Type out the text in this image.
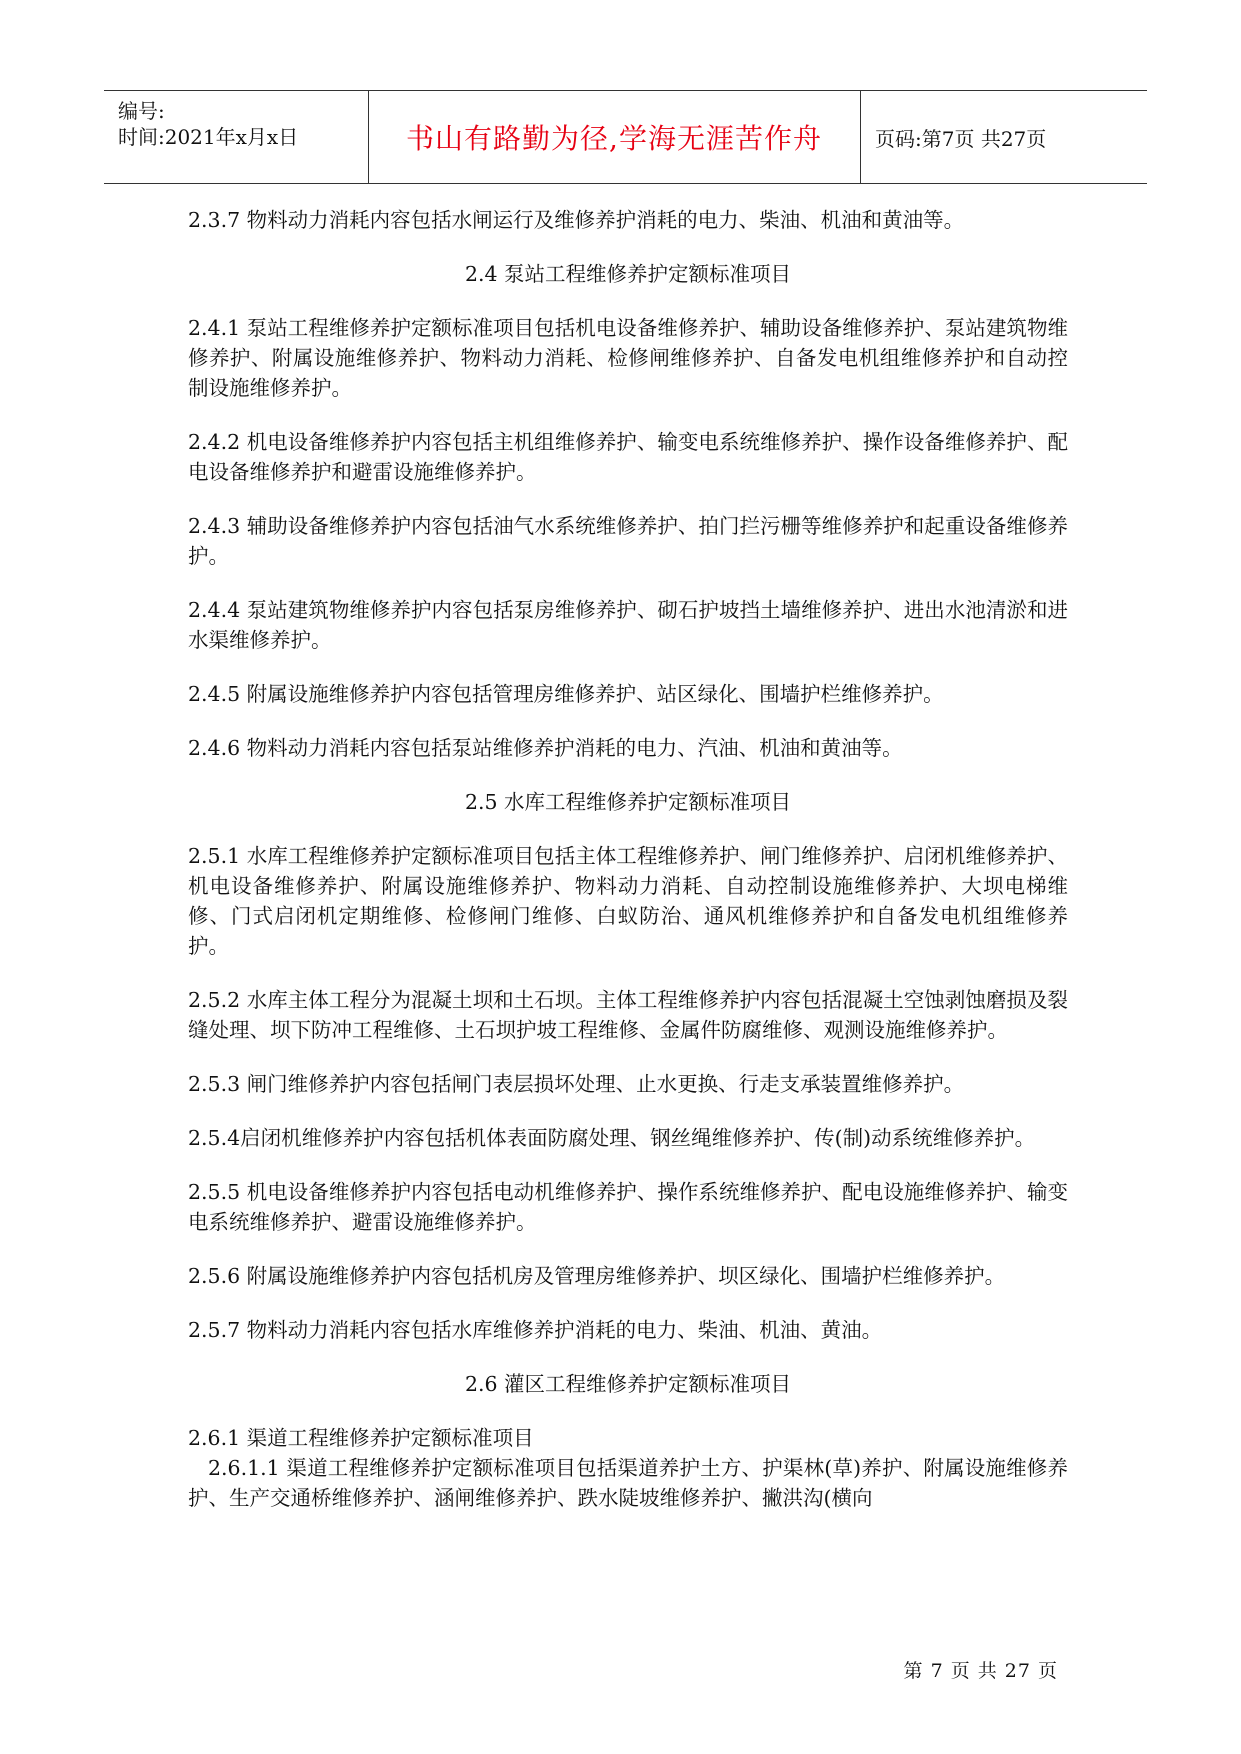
编号:
时间:2021年x月x日	书山有路勤为径,学海无涯苦作舟	页码:第7页 共27页

2.3.7 物料动力消耗内容包括水闸运行及维修养护消耗的电力、柴油、机油和黄油等。

2.4 泵站工程维修养护定额标准项目

2.4.1 泵站工程维修养护定额标准项目包括机电设备维修养护、辅助设备维修养护、泵站建筑物维修养护、附属设施维修养护、物料动力消耗、检修闸维修养护、自备发电机组维修养护和自动控制设施维修养护。

2.4.2 机电设备维修养护内容包括主机组维修养护、输变电系统维修养护、操作设备维修养护、配电设备维修养护和避雷设施维修养护。

2.4.3 辅助设备维修养护内容包括油气水系统维修养护、拍门拦污栅等维修养护和起重设备维修养护。

2.4.4 泵站建筑物维修养护内容包括泵房维修养护、砌石护坡挡土墙维修养护、进出水池清淤和进水渠维修养护。

2.4.5 附属设施维修养护内容包括管理房维修养护、站区绿化、围墙护栏维修养护。

2.4.6 物料动力消耗内容包括泵站维修养护消耗的电力、汽油、机油和黄油等。

2.5 水库工程维修养护定额标准项目

2.5.1 水库工程维修养护定额标准项目包括主体工程维修养护、闸门维修养护、启闭机维修养护、机电设备维修养护、附属设施维修养护、物料动力消耗、自动控制设施维修养护、大坝电梯维修、门式启闭机定期维修、检修闸门维修、白蚁防治、通风机维修养护和自备发电机组维修养护。

2.5.2 水库主体工程分为混凝土坝和土石坝。主体工程维修养护内容包括混凝土空蚀剥蚀磨损及裂缝处理、坝下防冲工程维修、土石坝护坡工程维修、金属件防腐维修、观测设施维修养护。

2.5.3 闸门维修养护内容包括闸门表层损坏处理、止水更换、行走支承装置维修养护。

2.5.4启闭机维修养护内容包括机体表面防腐处理、钢丝绳维修养护、传(制)动系统维修养护。

2.5.5 机电设备维修养护内容包括电动机维修养护、操作系统维修养护、配电设施维修养护、输变电系统维修养护、避雷设施维修养护。

2.5.6 附属设施维修养护内容包括机房及管理房维修养护、坝区绿化、围墙护栏维修养护。

2.5.7 物料动力消耗内容包括水库维修养护消耗的电力、柴油、机油、黄油。

2.6 灌区工程维修养护定额标准项目

2.6.1 渠道工程维修养护定额标准项目

2.6.1.1 渠道工程维修养护定额标准项目包括渠道养护土方、护渠林(草)养护、附属设施维修养护、生产交通桥维修养护、涵闸维修养护、跌水陡坡维修养护、撇洪沟(横向

第 7 页 共 27 页
